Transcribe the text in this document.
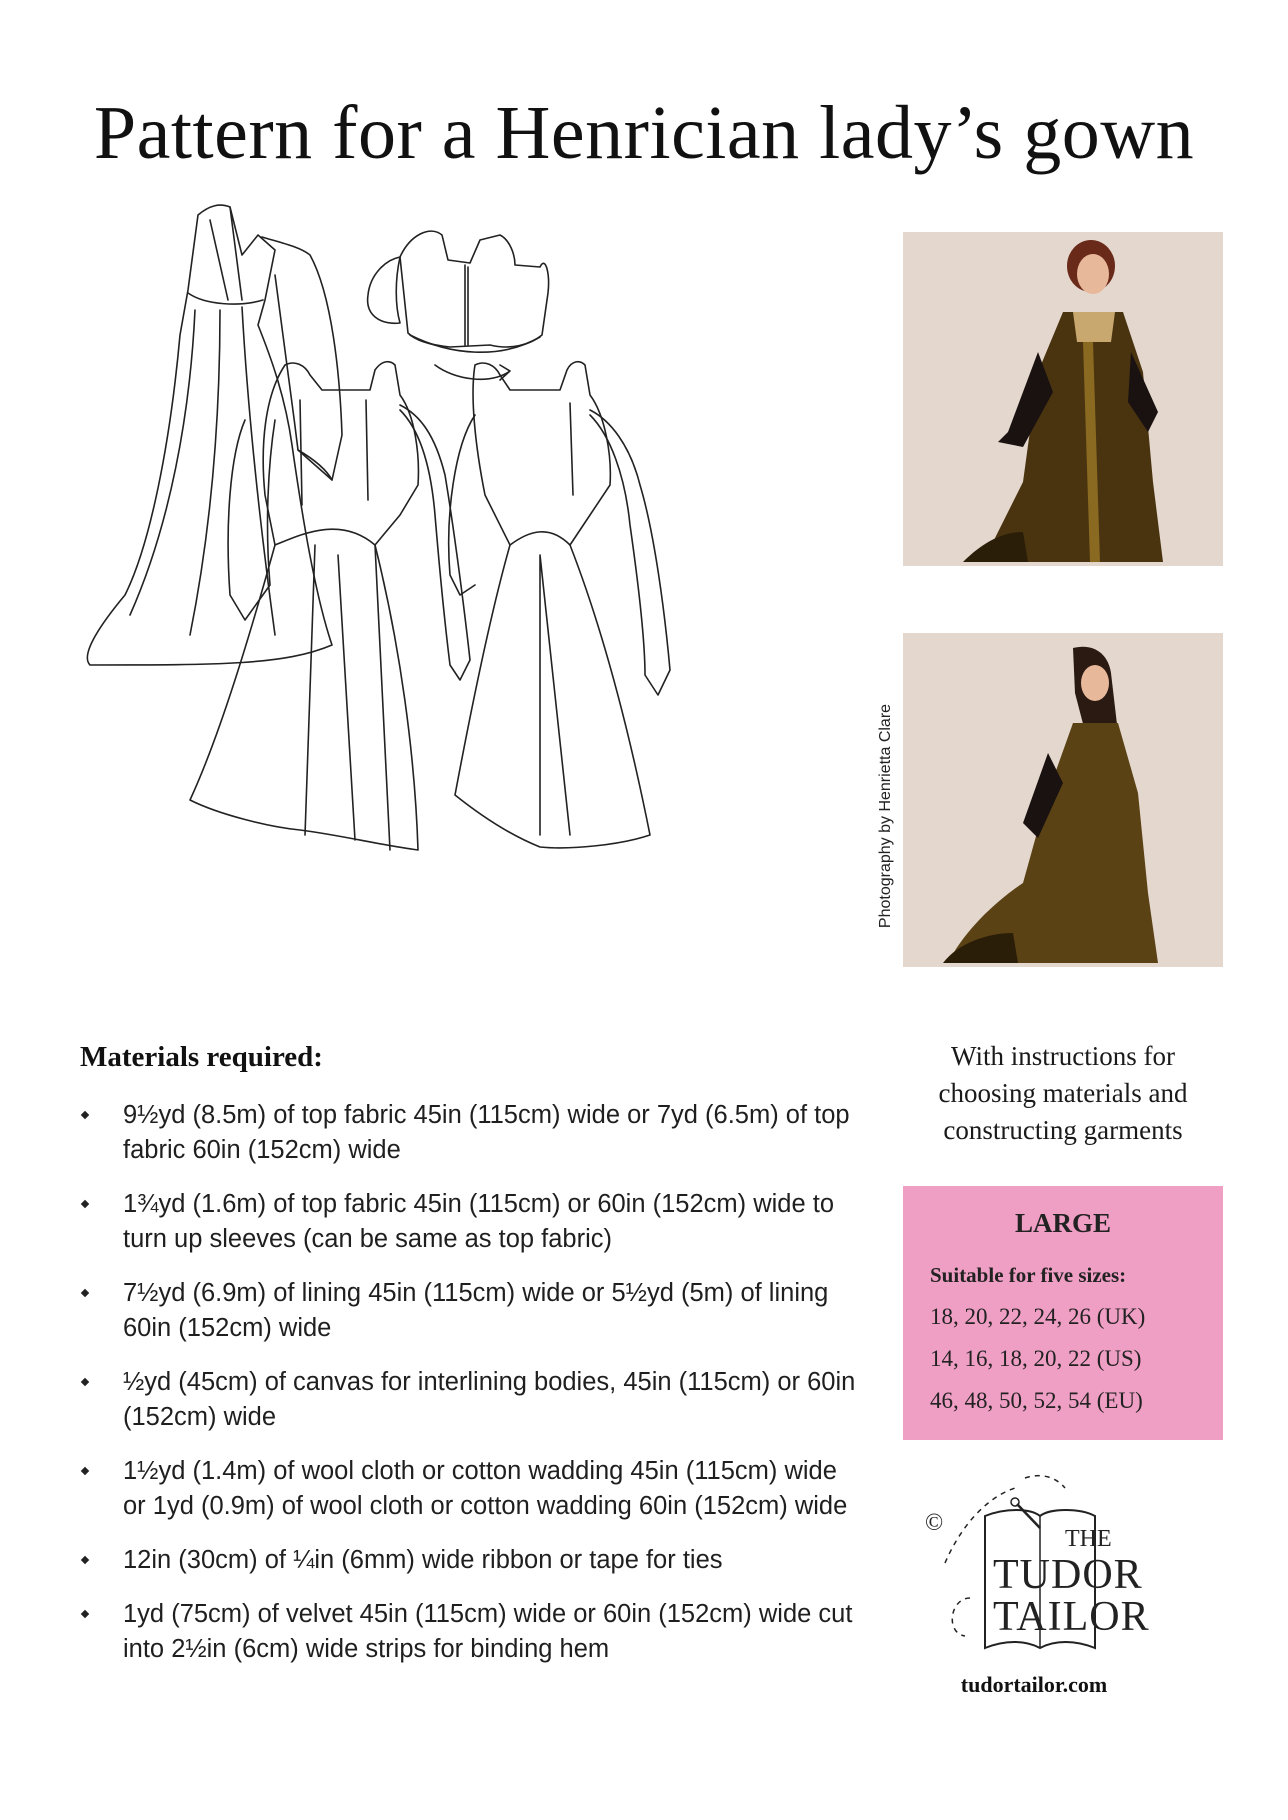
Pattern for a Henrician lady’s gown
Photography by Henrietta Clare
Materials required:
9½yd (8.5m) of top fabric 45in (115cm) wide or 7yd (6.5m) of top fabric 60in (152cm) wide
1¾yd (1.6m) of top fabric 45in (115cm) or 60in (152cm) wide to turn up sleeves (can be same as top fabric)
7½yd (6.9m) of lining 45in (115cm) wide or 5½yd (5m) of lining 60in (152cm) wide
½yd (45cm) of canvas for interlining bodies, 45in (115cm) or 60in (152cm) wide
1½yd (1.4m) of wool cloth or cotton wadding 45in (115cm) wide or 1yd (0.9m) of wool cloth or cotton wadding 60in (152cm) wide
12in (30cm) of ¼in (6mm) wide ribbon or tape for ties
1yd (75cm) of velvet 45in (115cm) wide or 60in (152cm) wide cut into 2½in (6cm) wide strips for binding hem
With instructions for choosing materials and constructing garments
LARGE
Suitable for five sizes:
18, 20, 22, 24, 26 (UK)
14, 16, 18, 20, 22 (US)
46, 48, 50, 52, 54 (EU)
©
THE
TUDOR
TAILOR
tudortailor.com
